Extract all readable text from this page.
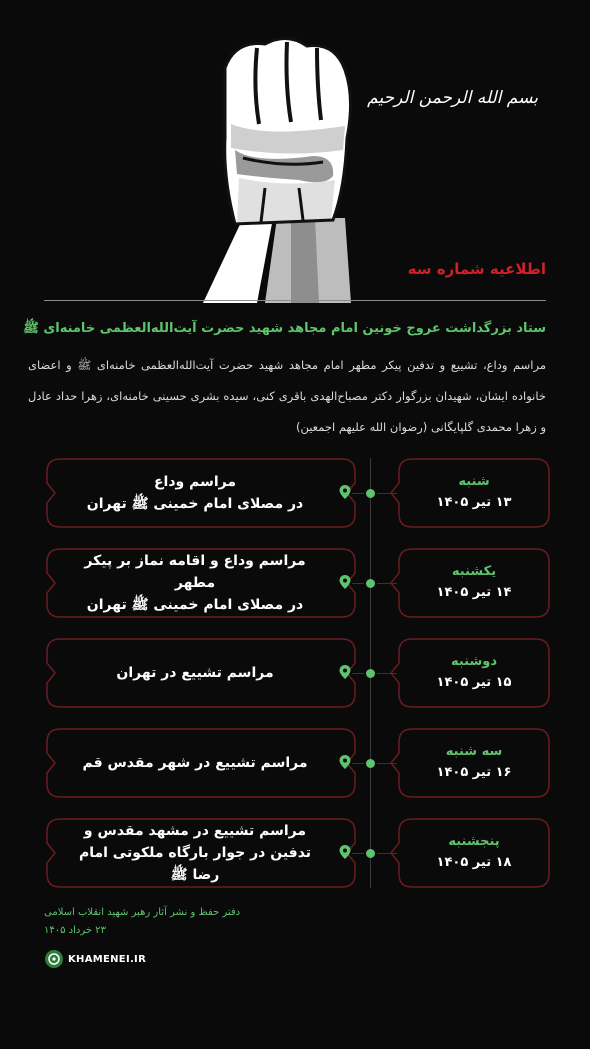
بسم الله الرحمن الرحیم
اطلاعیه شماره سه
ستاد بزرگداشت عروج خونین امام مجاهد شهید حضرت آیت‌الله‌العظمی خامنه‌ای ﷺ
مراسم وداع، تشییع و تدفین پیکر مطهر امام مجاهد شهید حضرت آیت‌الله‌العظمی خامنه‌ای ﷺ و اعضای خانواده ایشان، شهیدان بزرگوار دکتر مصباح‌الهدی باقری کنی، سیده بشری حسینی خامنه‌ای، زهرا حداد عادل و زهرا محمدی گلپایگانی (رضوان الله علیهم اجمعین)
مراسم وداع
در مصلای امام خمینی ﷺ تهران
شنبه
۱۳ تیر ۱۴۰۵
مراسم وداع و اقامه نماز بر پیکر مطهر
در مصلای امام خمینی ﷺ تهران
یکشنبه
۱۴ تیر ۱۴۰۵
مراسم تشییع در تهران
دوشنبه
۱۵ تیر ۱۴۰۵
مراسم تشییع در شهر مقدس قم
سه شنبه
۱۶ تیر ۱۴۰۵
مراسم تشییع در مشهد مقدس و
تدفین در جوار بارگاه ملکوتی امام رضا ﷺ
پنجشنبه
۱۸ تیر ۱۴۰۵
دفتر حفظ و نشر آثار رهبر شهید انقلاب اسلامی
۲۳ خرداد ۱۴۰۵
KHAMENEI.IR
